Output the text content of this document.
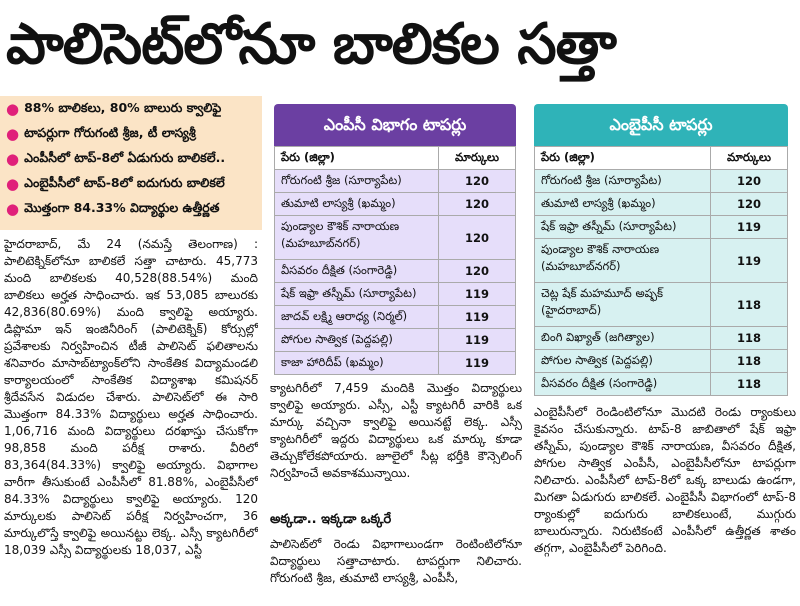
పాలిసెట్‌లోనూ బాలికల సత్తా
● 88% బాలికలు, 80% బాలురు క్వాలిఫై
● టాపర్లుగా గోరుగంటి శ్రీజ, టీ లాస్యశ్రీ
● ఎంపీసీలో టాప్-8లో ఏడుగురు బాలికలే..
● ఎంబైపీసీలో టాప్-8లో ఐదుగురు బాలికలే
● మొత్తంగా 84.33% విద్యార్థుల ఉత్తీర్ణత

హైదరాబాద్, మే 24 (నమస్తే తెలంగాణ) : పాలిటెక్నిక్‌లోనూ బాలికలే సత్తా చాటారు. 45,773 మంది బాలికలకు 40,528(88.54%) మంది బాలికలు అర్హత సాధించారు. ఇక 53,085 బాలురకు 42,836(80.69%) మంది క్వాలిఫై అయ్యారు. డిప్లొమా ఇన్ ఇంజినీరింగ్ (పాలిటెక్నిక్) కోర్సుల్లో ప్రవేశాలకు నిర్వహించిన టీజీ పాలిసెట్ ఫలితాలను శనివారం మాసాబ్‌ట్యాంక్‌లోని సాంకేతిక విద్యామండలి కార్యాలయంలో సాంకేతిక విద్యాశాఖ కమిషనర్ శ్రీదేవసేన విడుదల చేశారు. పాలిసెట్‌లో ఈ సారి మొత్తంగా 84.33% విద్యార్థులు అర్హత సాధించారు. 1,06,716 మంది విద్యార్థులు దరఖాస్తు చేసుకోగా 98,858 మంది పరీక్ష రాశారు. వీరిలో 83,364(84.33%) క్వాలిఫై అయ్యారు. విభాగాల వారీగా తీసుకుంటే ఎంపీసీలో 81.88%, ఎంబైపీసీలో 84.33% విద్యార్థులు క్వాలిఫై అయ్యారు. 120 మార్కులకు పాలిసెట్ పరీక్ష నిర్వహించగా, 36 మార్కులొస్తే క్వాలిఫై అయినట్టు లెక్క. ఎస్సీ క్యాటగిరీలో 18,039 ఎస్సీ విద్యార్థులకు 18,037, ఎస్టీ

ఎంపీసీ విభాగం టాపర్లు
పేరు (జిల్లా)	మార్కులు
గోరుగంటి శ్రీజ (సూర్యాపేట)	120
తుమాటి లాస్యశ్రీ (ఖమ్మం)	120
పుండ్యాల కౌశిక్ నారాయణ (మహబూబ్‌నగర్)	120
వీసవరం దీక్షిత (సంగారెడ్డి)	120
షేక్ ఇఫ్రా తస్నీమ్ (సూర్యాపేట)	119
జాదవ్ లక్ష్మి ఆరాధ్య (నిర్మల్)	119
పోగుల సాత్విక (పెద్దపల్లి)	119
కాజా హారిదీప్ (ఖమ్మం)	119

క్యాటగిరీలో 7,459 మందికి మొత్తం విద్యార్థులు క్వాలిఫై అయ్యారు. ఎస్సీ, ఎస్టీ క్యాటగిరీ వారికి ఒక మార్కు వచ్చినా క్వాలిఫై అయినట్టే లెక్క. ఎస్సీ క్యాటగిరీలో ఇద్దరు విద్యార్థులు ఒక మార్కు కూడా తెచ్చుకోలేకపోయారు. జూలైలో సీట్ల భర్తీకి కౌన్సెలింగ్ నిర్వహించే అవకాశమున్నాయి.

అక్కడా.. ఇక్కడా ఒక్కరే

పాలిసెట్‌లో రెండు విభాగాలుండగా రెంటింటిలోనూ విద్యార్థులు సత్తాచాటారు. టాపర్లుగా నిలిచారు. గోరుగంటి శ్రీజ, తుమాటి లాస్యశ్రీ, ఎంపీసీ,

ఎంబైపీసీ టాపర్లు
పేరు (జిల్లా)	మార్కులు
గోరుగంటి శ్రీజ (సూర్యాపేట)	120
తుమాటి లాస్యశ్రీ (ఖమ్మం)	120
షేక్ ఇఫ్రా తస్నీమ్ (సూర్యాపేట)	119
పుండ్యాల కౌశిక్ నారాయణ (మహబూబ్‌నగర్)	119
చెట్ల షేక్ మహమూద్ అష్ఫక్ (హైదరాబాద్)	118
బింగి విఖ్యాత్ (జగిత్యాల)	118
పోగుల సాత్విక (పెద్దపల్లి)	118
వీసవరం దీక్షిత (సంగారెడ్డి)	118

ఎంబైపీసీలో రెండింటిలోనూ మొదటి రెండు ర్యాంకులు కైవసం చేసుకున్నారు. టాప్-8 జాబితాలో షేక్ ఇఫ్రా తస్నీమ్, పుండ్యాల కౌశిక్ నారాయణ, వీసవరం దీక్షిత, పోగుల సాత్విక ఎంపీసీ, ఎంబైపీసీలోనూ టాపర్లుగా నిలిచారు. ఎంపీసీలో టాప్-8లో ఒక్క బాలుడు ఉండగా, మిగతా ఏడుగురు బాలికలే. ఎంబైపీసీ విభాగంలో టాప్-8 ర్యాంకుల్లో ఐదుగురు బాలికలుంటే, ముగ్గురు బాలురున్నారు. నిరుటికంటే ఎంపీసీలో ఉత్తీర్ణత శాతం తగ్గగా, ఎంబైపీసీలో పెరిగింది.
